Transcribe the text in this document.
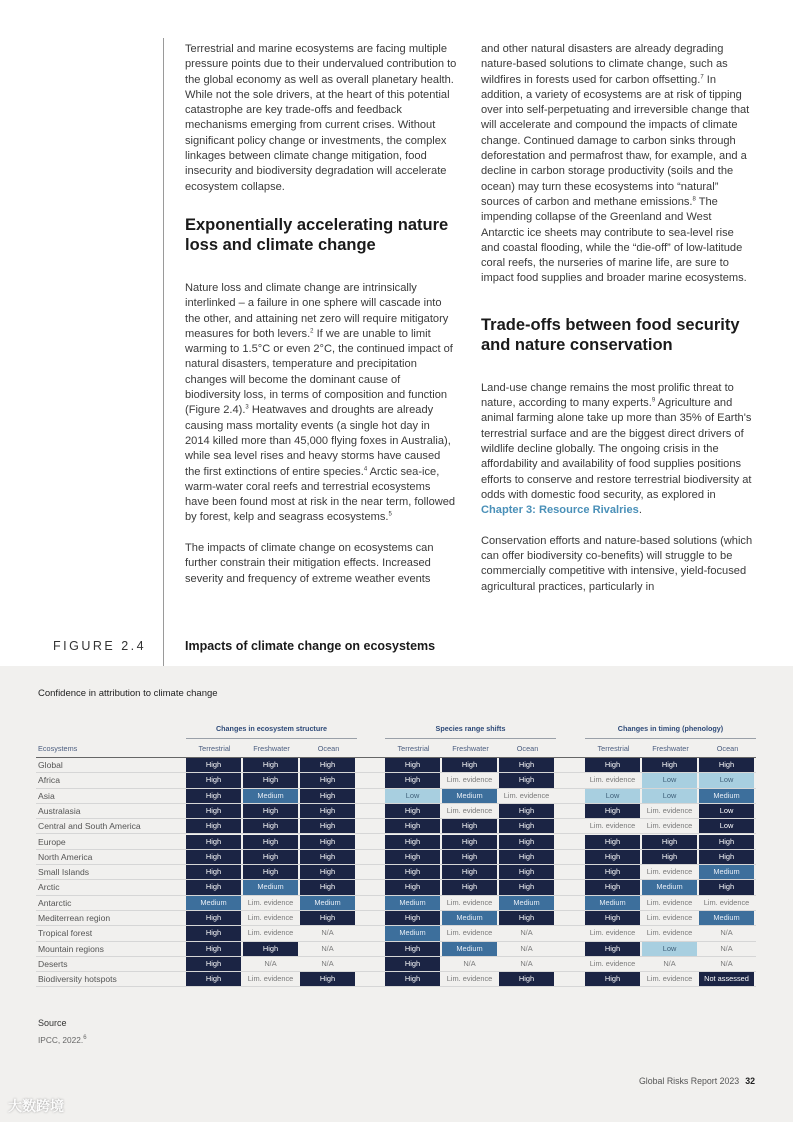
Terrestrial and marine ecosystems are facing multiple pressure points due to their undervalued contribution to the global economy as well as overall planetary health. While not the sole drivers, at the heart of this potential catastrophe are key trade-offs and feedback mechanisms emerging from current crises. Without significant policy change or investments, the complex linkages between climate change mitigation, food insecurity and biodiversity degradation will accelerate ecosystem collapse.

Exponentially accelerating nature loss and climate change

Nature loss and climate change are intrinsically interlinked – a failure in one sphere will cascade into the other, and attaining net zero will require mitigatory measures for both levers.$^2$ If we are unable to limit warming to 1.5°C or even 2°C, the continued impact of natural disasters, temperature and precipitation changes will become the dominant cause of biodiversity loss, in terms of composition and function (Figure 2.4).$^3$ Heatwaves and droughts are already causing mass mortality events (a single hot day in 2014 killed more than 45,000 flying foxes in Australia), while sea level rises and heavy storms have caused the first extinctions of entire species.$^4$ Arctic sea-ice, warm-water coral reefs and terrestrial ecosystems have been found most at risk in the near term, followed by forest, kelp and seagrass ecosystems.$^5$

The impacts of climate change on ecosystems can further constrain their mitigation effects. Increased severity and frequency of extreme weather events

and other natural disasters are already degrading nature-based solutions to climate change, such as wildfires in forests used for carbon offsetting.$^7$ In addition, a variety of ecosystems are at risk of tipping over into self-perpetuating and irreversible change that will accelerate and compound the impacts of climate change. Continued damage to carbon sinks through deforestation and permafrost thaw, for example, and a decline in carbon storage productivity (soils and the ocean) may turn these ecosystems into “natural” sources of carbon and methane emissions.$^8$ The impending collapse of the Greenland and West Antarctic ice sheets may contribute to sea-level rise and coastal flooding, while the “die-off” of low-latitude coral reefs, the nurseries of marine life, are sure to impact food supplies and broader marine ecosystems.

Trade-offs between food security and nature conservation

Land-use change remains the most prolific threat to nature, according to many experts.$^9$ Agriculture and animal farming alone take up more than 35% of Earth's terrestrial surface and are the biggest direct drivers of wildlife decline globally. The ongoing crisis in the affordability and availability of food supplies positions efforts to conserve and restore terrestrial biodiversity at odds with domestic food security, as explored in Chapter 3: Resource Rivalries.

Conservation efforts and nature-based solutions (which can offer biodiversity co-benefits) will struggle to be commercially competitive with intensive, yield-focused agricultural practices, particularly in

FIGURE 2.4	Impacts of climate change on ecosystems
Confidence in attribution to climate change
Changes in ecosystem structure
Terrestrial	Freshwater	Ocean
Species range shifts
Terrestrial	Freshwater	Ocean
Changes in timing (phenology)
Terrestrial	Freshwater	Ocean
Ecosystems
Global	High	High	High	High	High	High	High	High	High
Africa	High	High	High	High	Lim. evidence	High	Lim. evidence	Low	Low
Asia	High	Medium	High	Low	Medium	Lim. evidence	Low	Low	Medium
Australasia	High	High	High	High	Lim. evidence	High	High	Lim. evidence	Low
Central and South America	High	High	High	High	High	High	Lim. evidence	Lim. evidence	Low
Europe	High	High	High	High	High	High	High	High	High
North America	High	High	High	High	High	High	High	High	High
Small Islands	High	High	High	High	High	High	High	Lim. evidence	Medium
Arctic	High	Medium	High	High	High	High	High	Medium	High
Antarctic	Medium	Lim. evidence	Medium	Medium	Lim. evidence	Medium	Medium	Lim. evidence	Lim. evidence
Mediterrean region	High	Lim. evidence	High	High	Medium	High	High	Lim. evidence	Medium
Tropical forest	High	Lim. evidence	N/A	Medium	Lim. evidence	N/A	Lim. evidence	Lim. evidence	N/A
Mountain regions	High	High	N/A	High	Medium	N/A	High	Low	N/A
Deserts	High	N/A	N/A	High	N/A	N/A	Lim. evidence	N/A	N/A
Biodiversity hotspots	High	Lim. evidence	High	High	Lim. evidence	High	High	Lim. evidence	Not assessed
Source
IPCC, 2022.$^6$
Global Risks Report 2023 32
大数跨境
